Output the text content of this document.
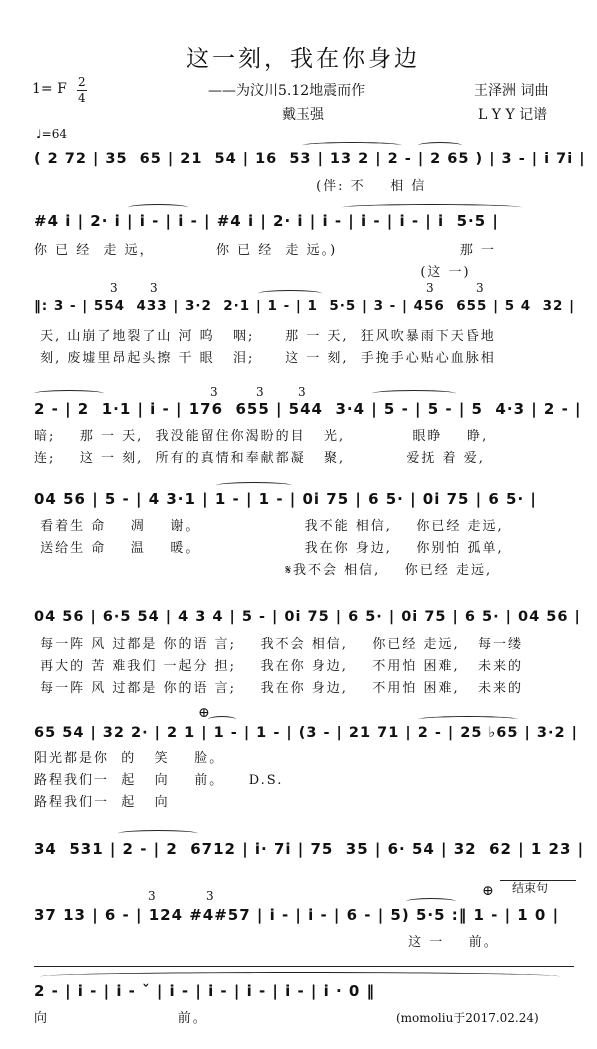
这一刻，我在你身边
1= F 2
4	——为汶川5.12地震而作	王泽洲 词曲
戴玉强	L Y Y 记谱
♩=64
( 2 72 | 35  65 | 21  54 | 16  53 | 13 2 | 2 - | 2 65 ) | 3 - | i 7i |
(伴: 不    相 信
#4 i | 2· i | i - | i - | #4 i | 2· i | i - | i - | i - | i  5·5 |
你 已 经  走 远，          你 已 经  走 远。)                    那 一
(这 一)
‖: 3 - | 554  433 | 3·2  2·1 | 1 - | 1  5·5 | 3 - | 456  655 | 5 4  32 |
天, 山崩了地裂了山 河 呜   咽;     那 一 天,  狂风吹暴雨下天昏地
刻, 废墟里昂起头擦 干 眼   泪;     这 一 刻,  手挽手心贴心血脉相
3	3	3	3
2 - | 2  1·1 | i - | 176  655 | 544  3·4 | 5 - | 5 - | 5  4·3 | 2 - |
暗;    那 一 天,  我没能留住你渴盼的目   光,           眼睁    睁,
连;    这 一 刻,  所有的真情和奉献都凝   聚,          爱抚 着 爱,
3	3	3
04 56 | 5 - | 4 3·1 | 1 - | 1 - | 0i 75 | 6 5· | 0i 75 | 6 5· |
看着生 命    凋    谢。                 我不能 相信,    你已经 走远,
送给生 命    温    暖。                 我在你 身边,    你别怕 孤单,
𝄋我不会 相信,    你已经 走远,
04 56 | 6·5 54 | 4 3 4 | 5 - | 0i 75 | 6 5· | 0i 75 | 6 5· | 04 56 |
每一阵 风 过都是 你的语 言;    我不会 相信,    你已经 走远,   每一缕
再大的 苦 难我们 一起分 担;    我在你 身边,    不用怕 困难,   未来的
每一阵 风 过都是 你的语 言;    我在你 身边,    不用怕 困难,   未来的
65 54 | 32 2· | 2 1 | 1 - | 1 - | (3 - | 21 71 | 2 - | 25 ♭65 | 3·2 |
阳光都是你  的   笑    脸。
路程我们一  起   向    前。    D.S.
路程我们一  起   向
⊕
34  531 | 2 - | 2  6712 | i· 7i | 75  35 | 6· 54 | 32  62 | 1 23 |
37 13 | 6 - | 124 #4#57 | i - | i - | 6 - | 5) 5·5 :‖ 1 - | 1 0 |
这 一    前。
3	3	⊕ 结束句
2 - | i - | i - ˇ | i - | i - | i - | i - | i · 0 ‖
向                     前。	(momoliu于2017.02.24)
